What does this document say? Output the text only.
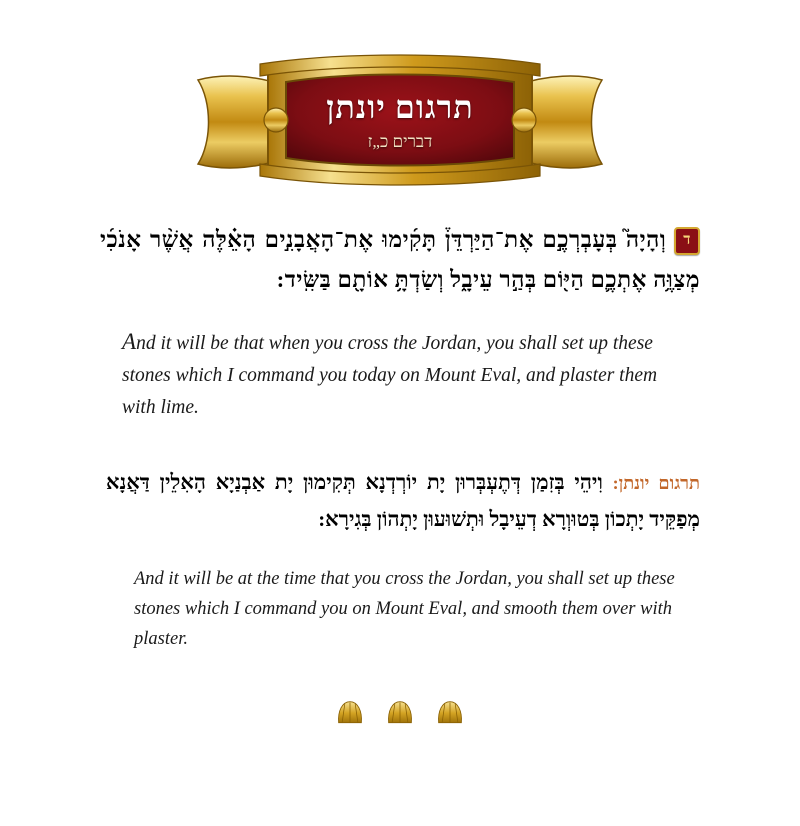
תרגום יונתן
דברים כ„ז
דוְהָיָה֮ בְּעָבְרְכֶ֣ם אֶת־הַיַּרְדֵּן֒ תָּקִ֜ימוּ אֶת־הָאֲבָנִ֣ים הָאֵ֗לֶּה אֲשֶׁ֨ר אָנֹכִ֜י מְצַוֶּ֥ה אֶתְכֶ֛ם הַיּ֖וֹם בְּהַ֣ר עֵיבָ֑ל וְשַׂדְתָּ֥ אוֹתָ֖ם בַּשִּֽׂיד:
And it will be that when you cross the Jordan, you shall set up these stones which I command you today on Mount Eval, and plaster them with lime.
תרגום יונתן: וִיהֵי בְּזִמַן דְּתֶעְבְּרוּן יָת יוֹרְדְנָא תְּקִימוּן יָת אַבְנַיָא הָאִלֵין דַּאֲנָא מְפַקֵּיד יָתְכוֹן בְּטוּוְרָא דְעֵיבָל וּתְשׁוּעוּן יָתְהוֹן בְּגִירָא:
And it will be at the time that you cross the Jordan, you shall set up these stones which I command you on Mount Eval, and smooth them over with plaster.
